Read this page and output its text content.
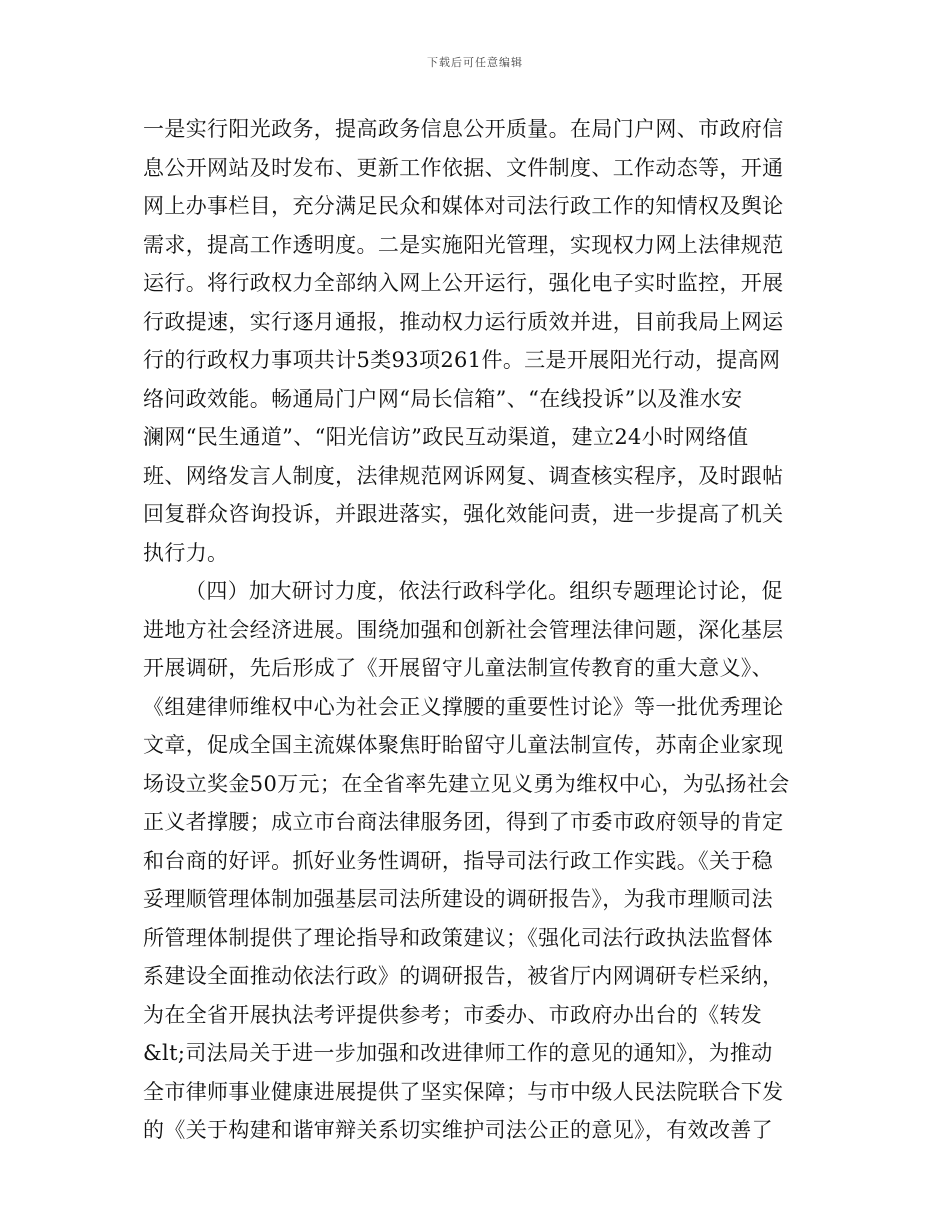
下载后可任意编辑
一是实行阳光政务，提高政务信息公开质量。在局门户网、市政府信
息公开网站及时发布、更新工作依据、文件制度、工作动态等，开通
网上办事栏目，充分满足民众和媒体对司法行政工作的知情权及舆论
需求，提高工作透明度。二是实施阳光管理，实现权力网上法律规范
运行。将行政权力全部纳入网上公开运行，强化电子实时监控，开展
行政提速，实行逐月通报，推动权力运行质效并进，目前我局上网运
行的行政权力事项共计5类93项261件。三是开展阳光行动，提高网
络问政效能。畅通局门户网“局长信箱”、“在线投诉”以及淮水安
澜网“民生通道”、“阳光信访”政民互动渠道，建立24小时网络值
班、网络发言人制度，法律规范网诉网复、调查核实程序，及时跟帖
回复群众咨询投诉，并跟进落实，强化效能问责，进一步提高了机关
执行力。
（四）加大研讨力度，依法行政科学化。组织专题理论讨论，促
进地方社会经济进展。围绕加强和创新社会管理法律问题，深化基层
开展调研，先后形成了《开展留守儿童法制宣传教育的重大意义》、
《组建律师维权中心为社会正义撑腰的重要性讨论》等一批优秀理论
文章，促成全国主流媒体聚焦盱眙留守儿童法制宣传，苏南企业家现
场设立奖金50万元；在全省率先建立见义勇为维权中心，为弘扬社会
正义者撑腰；成立市台商法律服务团，得到了市委市政府领导的肯定
和台商的好评。抓好业务性调研，指导司法行政工作实践。《关于稳
妥理顺管理体制加强基层司法所建设的调研报告》，为我市理顺司法
所管理体制提供了理论指导和政策建议；《强化司法行政执法监督体
系建设全面推动依法行政》的调研报告，被省厅内网调研专栏采纳，
为在全省开展执法考评提供参考；市委办、市政府办出台的《转发
&lt;司法局关于进一步加强和改进律师工作的意见的通知》，为推动
全市律师事业健康进展提供了坚实保障；与市中级人民法院联合下发
的《关于构建和谐审辩关系切实维护司法公正的意见》，有效改善了
